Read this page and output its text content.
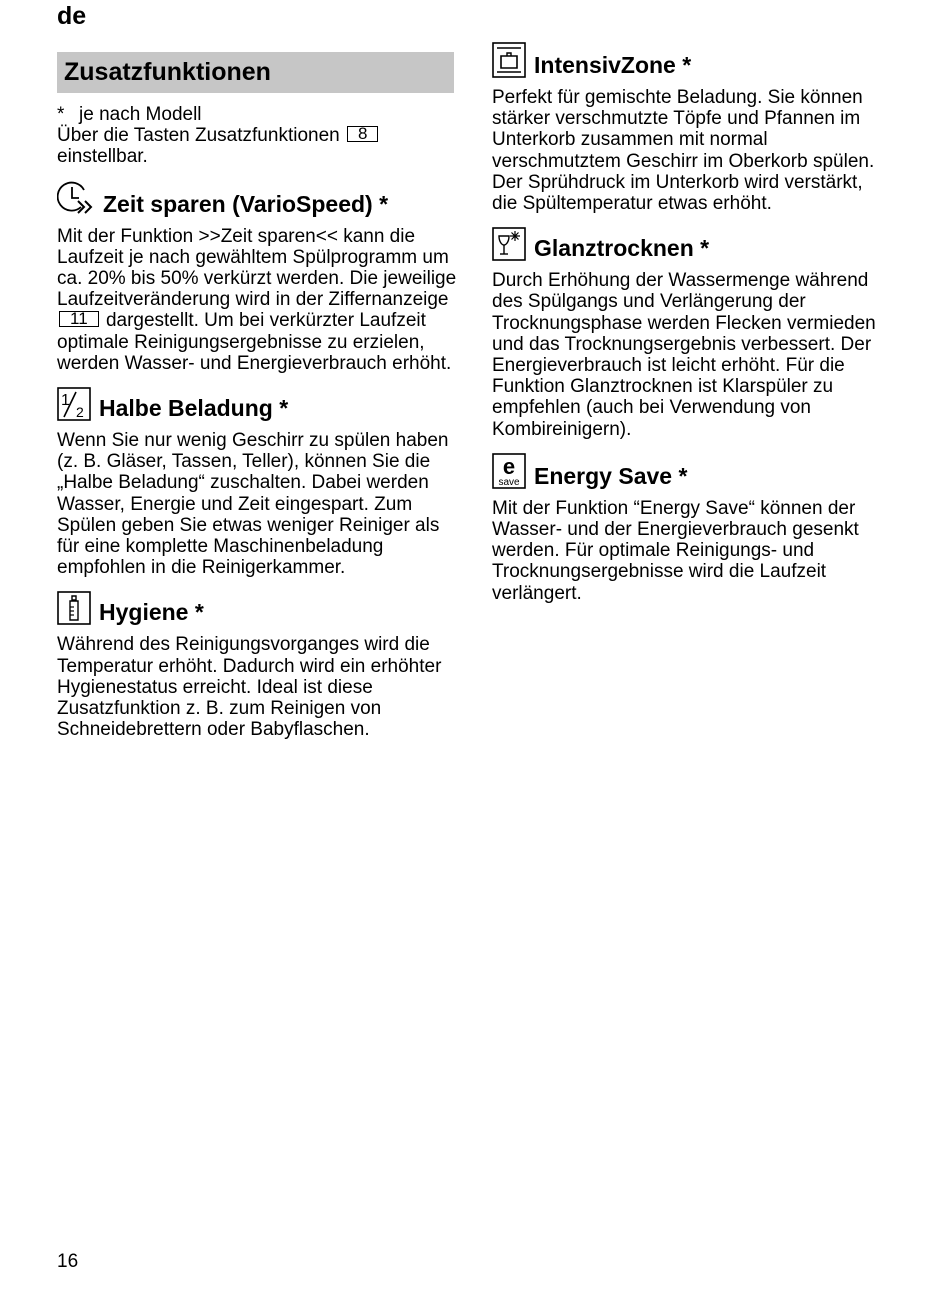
de
Zusatzfunktionen

* je nach Modell

Über die Tasten Zusatzfunktionen 8
einstellbar.

Zeit sparen (VarioSpeed) *

Mit der Funktion >>Zeit sparen<< kann die Laufzeit je nach gewähltem Spülprogramm um ca. 20% bis 50% verkürzt werden. Die jeweilige Laufzeitveränderung wird in der Ziffernanzeige 11 dargestellt. Um bei verkürzter Laufzeit optimale Reinigungsergebnisse zu erzielen, werden Wasser- und Energieverbrauch erhöht.

1
2 Halbe Beladung *

Wenn Sie nur wenig Geschirr zu spülen haben (z. B. Gläser, Tassen, Teller), können Sie die „Halbe Beladung“ zuschalten. Dabei werden Wasser, Energie und Zeit eingespart. Zum Spülen geben Sie etwas weniger Reiniger als für eine komplette Maschinenbeladung empfohlen in die Reinigerkammer.

Hygiene *

Während des Reinigungsvorganges wird die Temperatur erhöht. Dadurch wird ein erhöhter Hygienestatus erreicht. Ideal ist diese Zusatzfunktion z. B. zum Reinigen von Schneidebrettern oder Babyflaschen.

IntensivZone *

Perfekt für gemischte Beladung. Sie können stärker verschmutzte Töpfe und Pfannen im Unterkorb zusammen mit normal verschmutztem Geschirr im Oberkorb spülen. Der Sprühdruck im Unterkorb wird verstärkt, die Spültemperatur etwas erhöht.

Glanztrocknen *

Durch Erhöhung der Wassermenge während des Spülgangs und Verlängerung der Trocknungsphase werden Flecken vermieden und das Trocknungsergebnis verbessert. Der Energieverbrauch ist leicht erhöht. Für die Funktion Glanztrocknen ist Klarspüler zu empfehlen (auch bei Verwendung von Kombireinigern).

e
save Energy Save *

Mit der Funktion “Energy Save“ können der Wasser- und der Energieverbrauch gesenkt werden. Für optimale Reinigungs- und Trocknungsergebnisse wird die Laufzeit verlängert.

16
